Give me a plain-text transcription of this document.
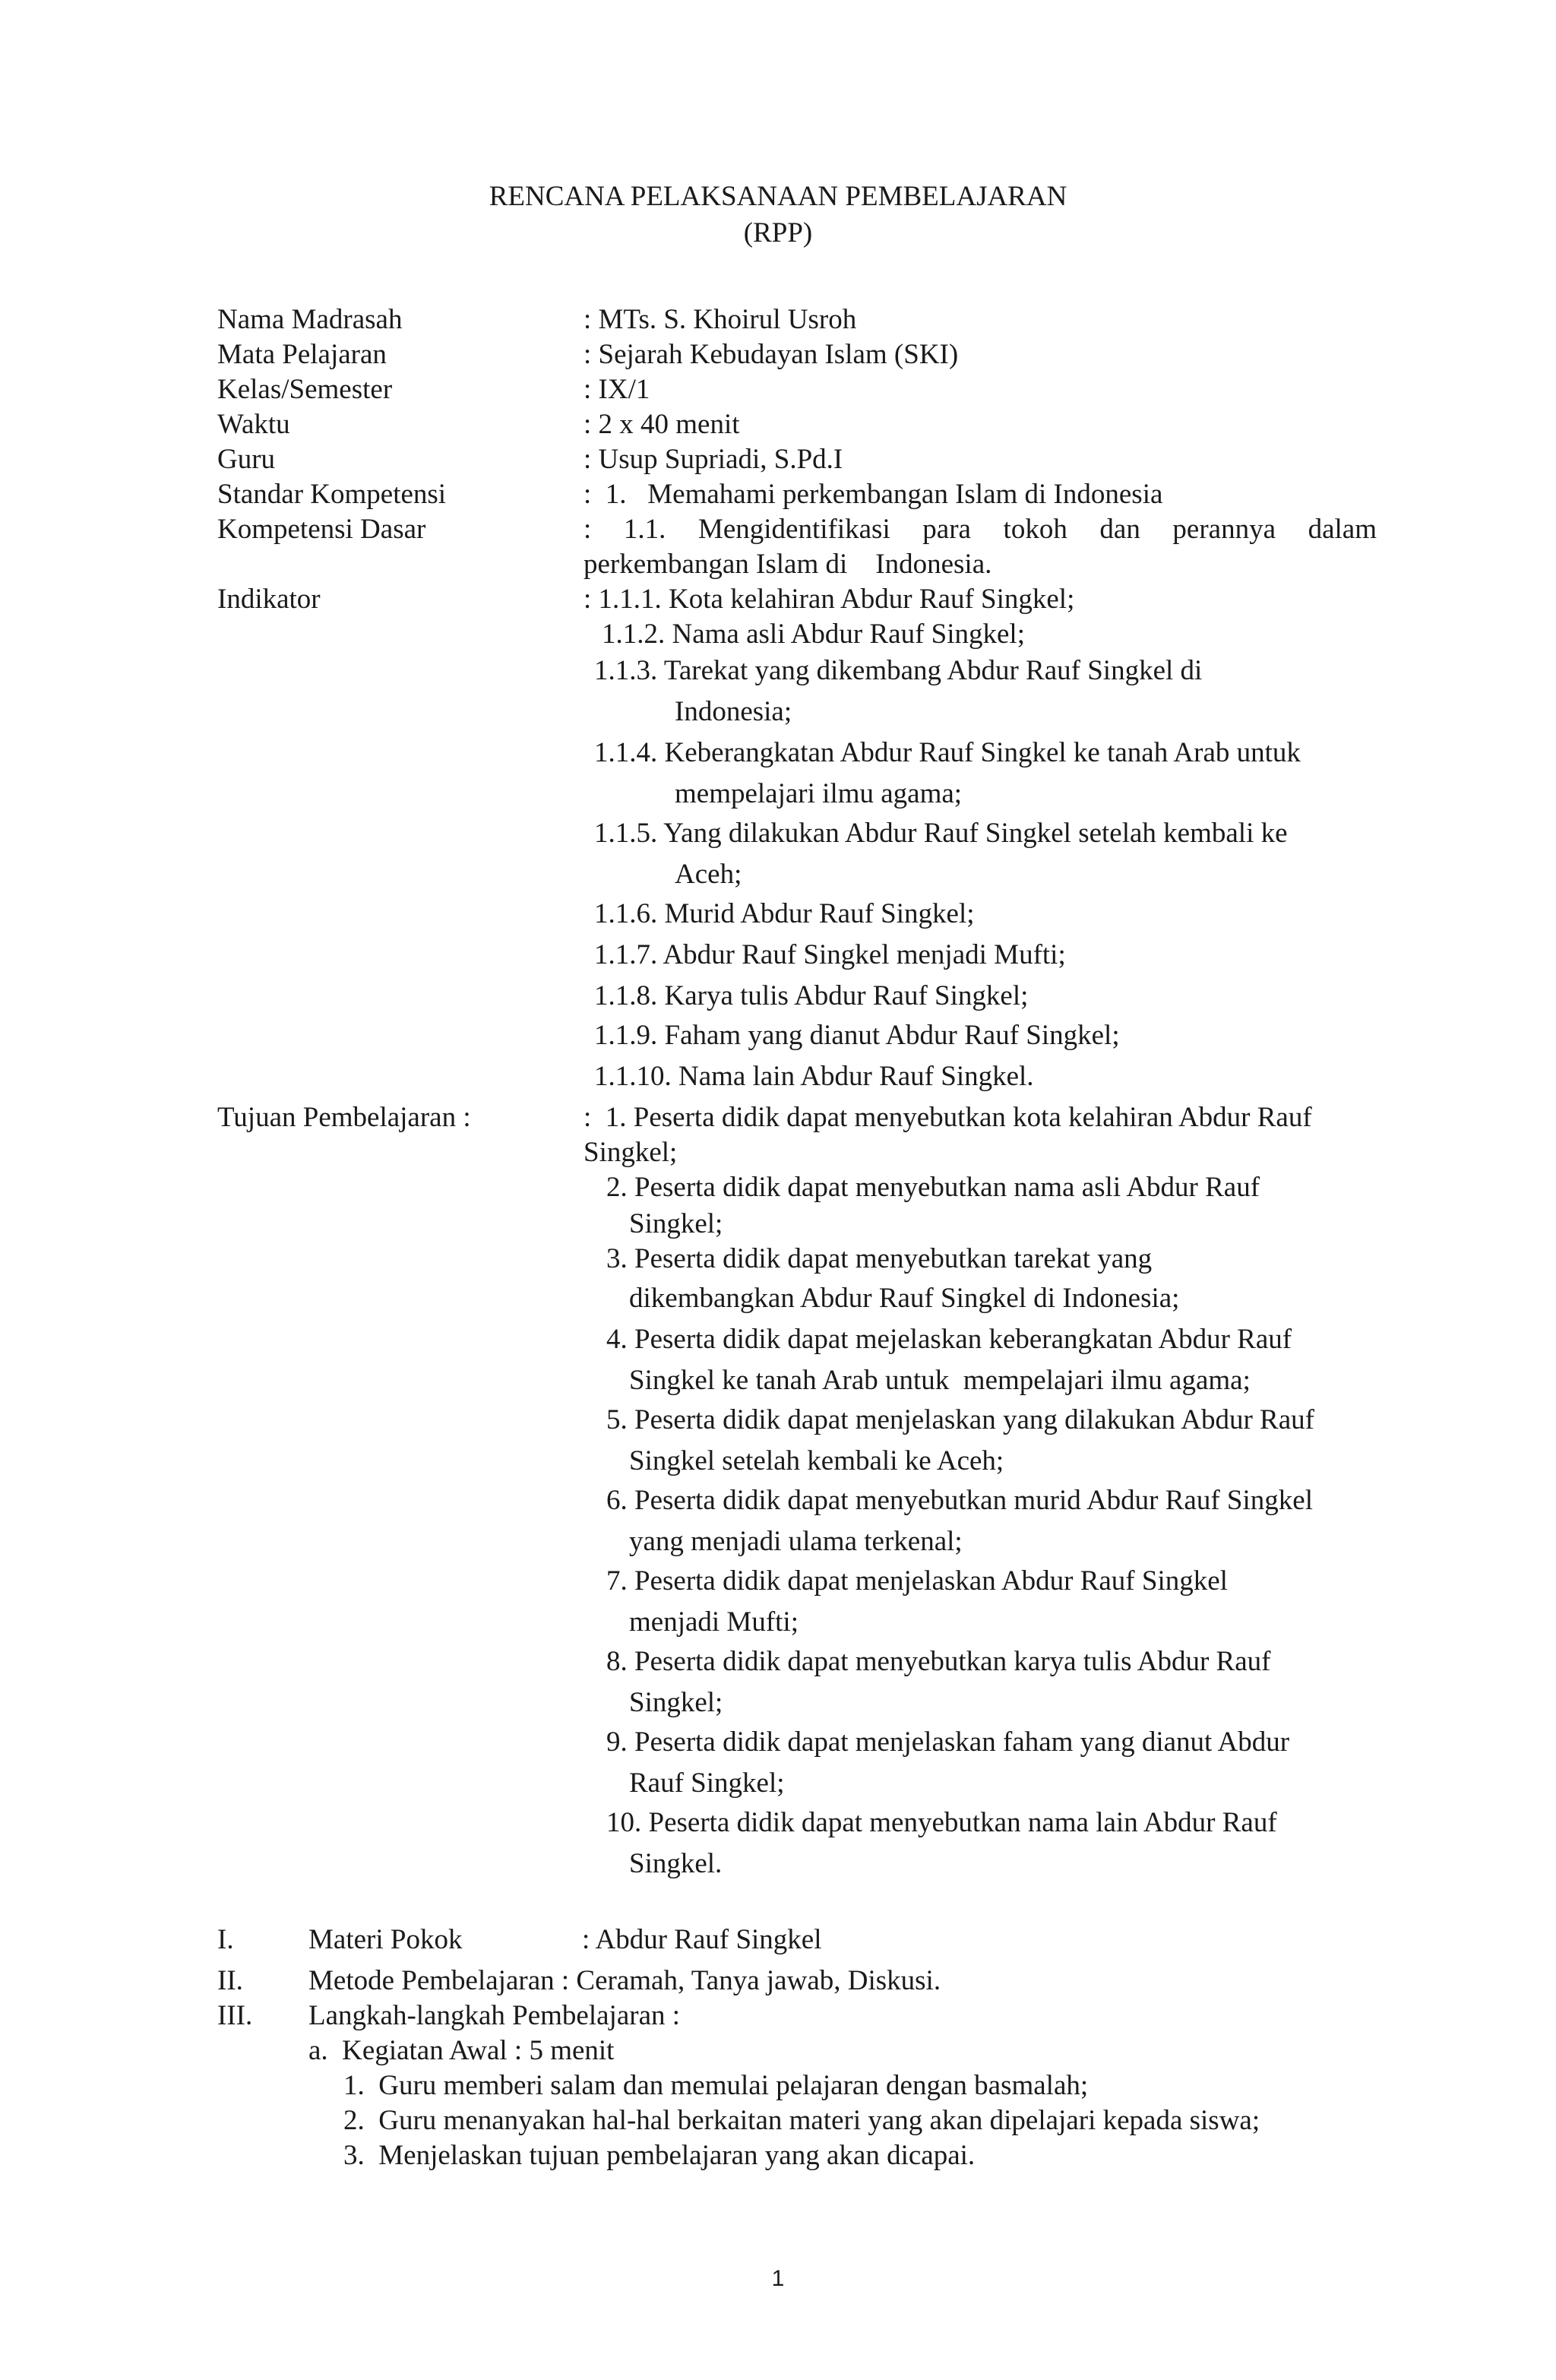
RENCANA PELAKSANAAN PEMBELAJARAN
(RPP)
Nama Madrasah	: MTs. S. Khoirul Usroh
Mata Pelajaran	: Sejarah Kebudayan Islam (SKI)
Kelas/Semester	: IX/1
Waktu	: 2 x 40 menit
Guru	: Usup Supriadi, S.Pd.I
Standar Kompetensi	:  1.   Memahami perkembangan Islam di Indonesia
Kompetensi Dasar	: 1.1. Mengidentifikasi para tokoh dan perannya dalam
perkembangan Islam di    Indonesia.
Indikator	: 1.1.1. Kota kelahiran Abdur Rauf Singkel;
1.1.2. Nama asli Abdur Rauf Singkel;
1.1.3. Tarekat yang dikembang Abdur Rauf Singkel di
Indonesia;
1.1.4. Keberangkatan Abdur Rauf Singkel ke tanah Arab untuk
mempelajari ilmu agama;
1.1.5. Yang dilakukan Abdur Rauf Singkel setelah kembali ke
Aceh;
1.1.6. Murid Abdur Rauf Singkel;
1.1.7. Abdur Rauf Singkel menjadi Mufti;
1.1.8. Karya tulis Abdur Rauf Singkel;
1.1.9. Faham yang dianut Abdur Rauf Singkel;
1.1.10. Nama lain Abdur Rauf Singkel.
Tujuan Pembelajaran :	:  1. Peserta didik dapat menyebutkan kota kelahiran Abdur Rauf
Singkel;
2. Peserta didik dapat menyebutkan nama asli Abdur Rauf
Singkel;
3. Peserta didik dapat menyebutkan tarekat yang
dikembangkan Abdur Rauf Singkel di Indonesia;
4. Peserta didik dapat mejelaskan keberangkatan Abdur Rauf
Singkel ke tanah Arab untuk  mempelajari ilmu agama;
5. Peserta didik dapat menjelaskan yang dilakukan Abdur Rauf
Singkel setelah kembali ke Aceh;
6. Peserta didik dapat menyebutkan murid Abdur Rauf Singkel
yang menjadi ulama terkenal;
7. Peserta didik dapat menjelaskan Abdur Rauf Singkel
menjadi Mufti;
8. Peserta didik dapat menyebutkan karya tulis Abdur Rauf
Singkel;
9. Peserta didik dapat menjelaskan faham yang dianut Abdur
Rauf Singkel;
10. Peserta didik dapat menyebutkan nama lain Abdur Rauf
Singkel.
I.	Materi Pokok	: Abdur Rauf Singkel
II. Metode Pembelajaran : Ceramah, Tanya jawab, Diskusi.
III. Langkah-langkah Pembelajaran :
a.  Kegiatan Awal : 5 menit
1.  Guru memberi salam dan memulai pelajaran dengan basmalah;
2.  Guru menanyakan hal-hal berkaitan materi yang akan dipelajari kepada siswa;
3.  Menjelaskan tujuan pembelajaran yang akan dicapai.
1
